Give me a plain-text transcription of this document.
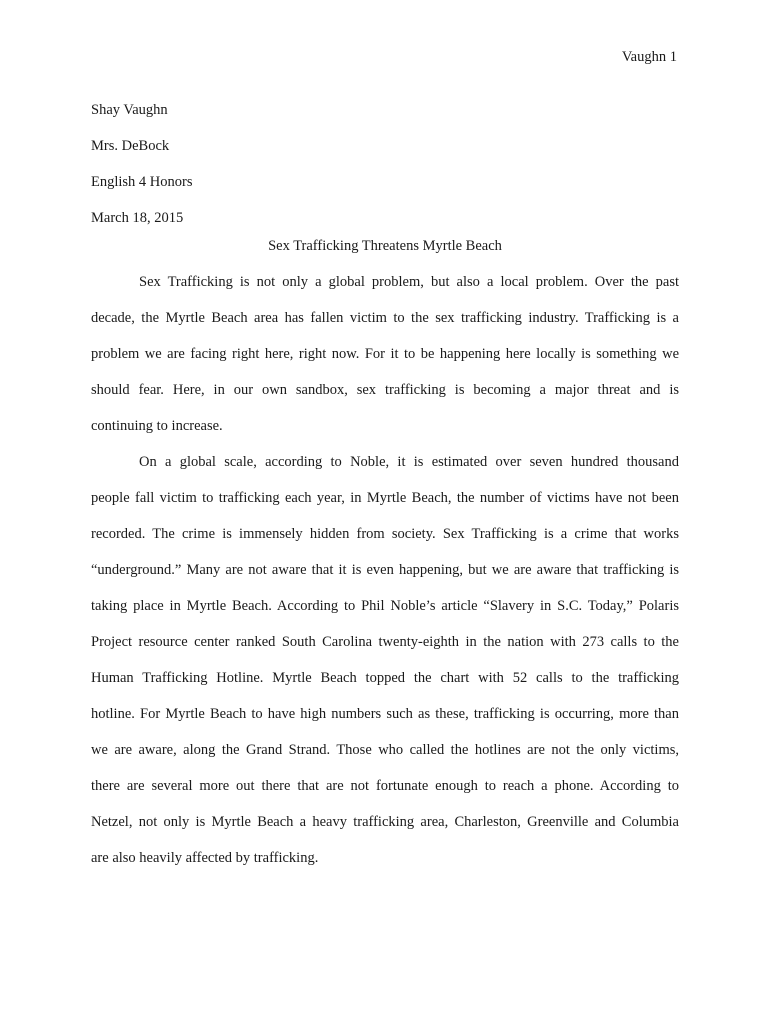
Vaughn 1
Shay Vaughn
Mrs. DeBock
English 4 Honors
March 18, 2015
Sex Trafficking Threatens Myrtle Beach
Sex Trafficking is not only a global problem, but also a local problem. Over the past
decade, the Myrtle Beach area has fallen victim to the sex trafficking industry. Trafficking is a
problem we are facing right here, right now. For it to be happening here locally is something we
should fear. Here, in our own sandbox, sex trafficking is becoming a major threat and is
continuing to increase.
On a global scale, according to Noble, it is estimated over seven hundred thousand
people fall victim to trafficking each year, in Myrtle Beach, the number of victims have not been
recorded. The crime is immensely hidden from society. Sex Trafficking is a crime that works
“underground.” Many are not aware that it is even happening, but we are aware that trafficking is
taking place in Myrtle Beach. According to Phil Noble’s article “Slavery in S.C. Today,” Polaris
Project resource center ranked South Carolina twenty-eighth in the nation with 273 calls to the
Human Trafficking Hotline. Myrtle Beach topped the chart with 52 calls to the trafficking
hotline. For Myrtle Beach to have high numbers such as these, trafficking is occurring, more than
we are aware, along the Grand Strand. Those who called the hotlines are not the only victims,
there are several more out there that are not fortunate enough to reach a phone. According to
Netzel, not only is Myrtle Beach a heavy trafficking area, Charleston, Greenville and Columbia
are also heavily affected by trafficking.
